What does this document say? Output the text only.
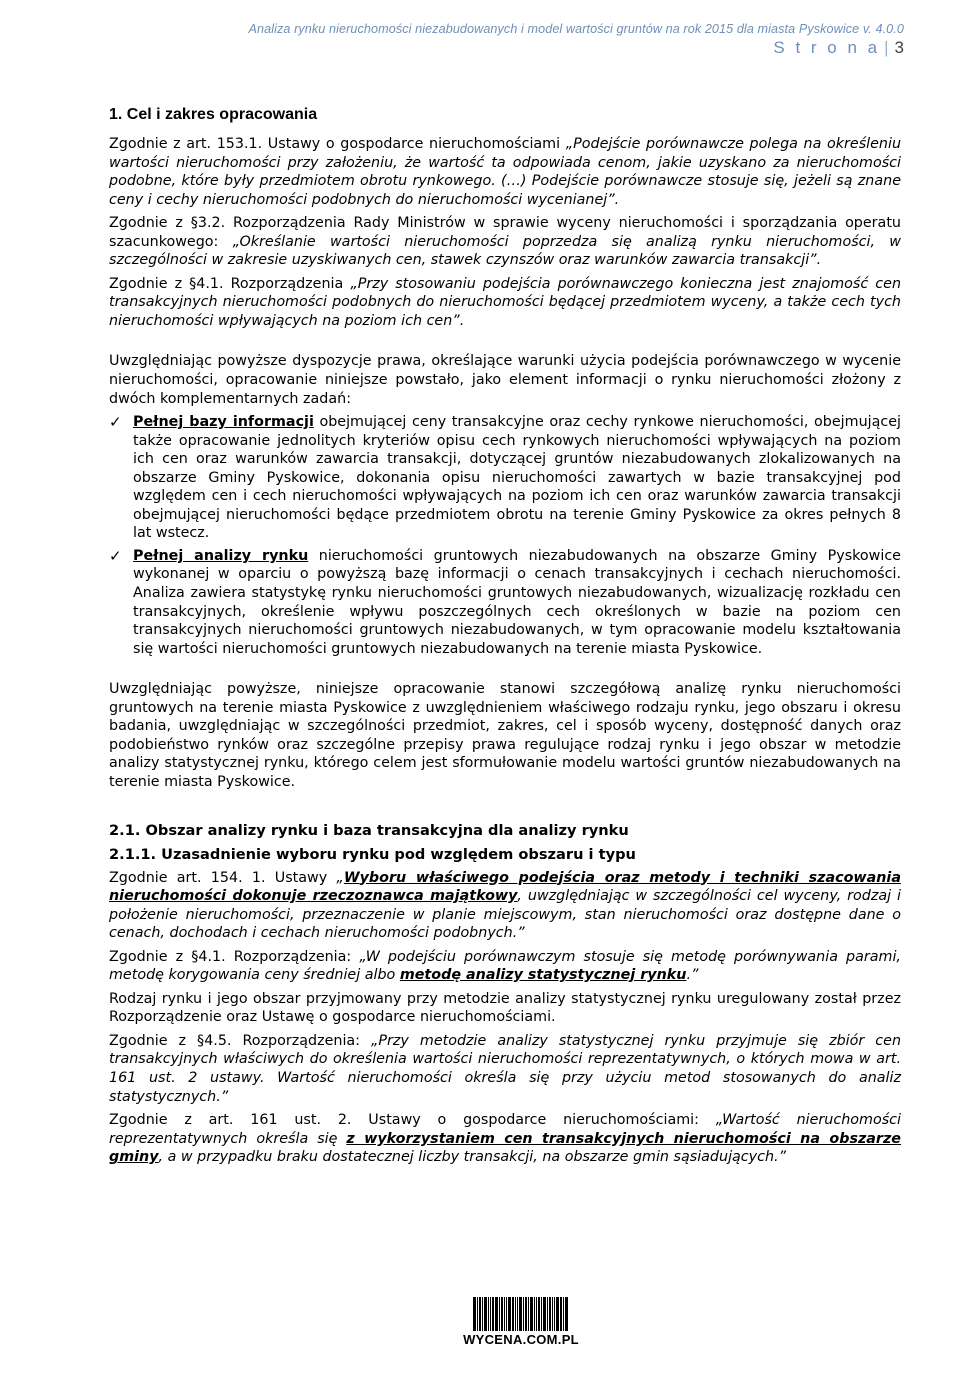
Analiza rynku nieruchomości niezabudowanych i model wartości gruntów na rok 2015 dla miasta Pyskowice v. 4.0.0
S t r o n a | 3
1. Cel i zakres opracowania

Zgodnie z art. 153.1. Ustawy o gospodarce nieruchomościami „Podejście porównawcze polega na określeniu wartości nieruchomości przy założeniu, że wartość ta odpowiada cenom, jakie uzyskano za nieruchomości podobne, które były przedmiotem obrotu rynkowego. (…) Podejście porównawcze stosuje się, jeżeli są znane ceny i cechy nieruchomości podobnych do nieruchomości wycenianej”.

Zgodnie z §3.2. Rozporządzenia Rady Ministrów w sprawie wyceny nieruchomości i sporządzania operatu szacunkowego: „Określanie wartości nieruchomości poprzedza się analizą rynku nieruchomości, w szczególności w zakresie uzyskiwanych cen, stawek czynszów oraz warunków zawarcia transakcji”.

Zgodnie z §4.1. Rozporządzenia „Przy stosowaniu podejścia porównawczego konieczna jest znajomość cen transakcyjnych nieruchomości podobnych do nieruchomości będącej przedmiotem wyceny, a także cech tych nieruchomości wpływających na poziom ich cen”.

Uwzględniając powyższe dyspozycje prawa, określające warunki użycia podejścia porównawczego w wycenie nieruchomości, opracowanie niniejsze powstało, jako element informacji o rynku nieruchomości złożony z dwóch komplementarnych zadań:

✓ Pełnej bazy informacji obejmującej ceny transakcyjne oraz cechy rynkowe nieruchomości, obejmującej także opracowanie jednolitych kryteriów opisu cech rynkowych nieruchomości wpływających na poziom ich cen oraz warunków zawarcia transakcji, dotyczącej gruntów niezabudowanych zlokalizowanych na obszarze Gminy Pyskowice, dokonania opisu nieruchomości zawartych w bazie transakcyjnej pod względem cen i cech nieruchomości wpływających na poziom ich cen oraz warunków zawarcia transakcji obejmującej nieruchomości będące przedmiotem obrotu na terenie Gminy Pyskowice za okres pełnych 8 lat wstecz.
✓ Pełnej analizy rynku nieruchomości gruntowych niezabudowanych na obszarze Gminy Pyskowice wykonanej w oparciu o powyższą bazę informacji o cenach transakcyjnych i cechach nieruchomości. Analiza zawiera statystykę rynku nieruchomości gruntowych niezabudowanych, wizualizację rozkładu cen transakcyjnych, określenie wpływu poszczególnych cech określonych w bazie na poziom cen transakcyjnych nieruchomości gruntowych niezabudowanych, w tym opracowanie modelu kształtowania się wartości nieruchomości gruntowych niezabudowanych na terenie miasta Pyskowice.

Uwzględniając powyższe, niniejsze opracowanie stanowi szczegółową analizę rynku nieruchomości gruntowych na terenie miasta Pyskowice z uwzględnieniem właściwego rodzaju rynku, jego obszaru i okresu badania, uwzględniając w szczególności przedmiot, zakres, cel i sposób wyceny, dostępność danych oraz podobieństwo rynków oraz szczególne przepisy prawa regulujące rodzaj rynku i jego obszar w metodzie analizy statystycznej rynku, którego celem jest sformułowanie modelu wartości gruntów niezabudowanych na terenie miasta Pyskowice.

2.1. Obszar analizy rynku i baza transakcyjna dla analizy rynku
2.1.1. Uzasadnienie wyboru rynku pod względem obszaru i typu

Zgodnie art. 154. 1. Ustawy „Wyboru właściwego podejścia oraz metody i techniki szacowania nieruchomości dokonuje rzeczoznawca majątkowy, uwzględniając w szczególności cel wyceny, rodzaj i położenie nieruchomości, przeznaczenie w planie miejscowym, stan nieruchomości oraz dostępne dane o cenach, dochodach i cechach nieruchomości podobnych.”

Zgodnie z §4.1. Rozporządzenia: „W podejściu porównawczym stosuje się metodę porównywania parami, metodę korygowania ceny średniej albo metodę analizy statystycznej rynku.”

Rodzaj rynku i jego obszar przyjmowany przy metodzie analizy statystycznej rynku uregulowany został przez Rozporządzenie oraz Ustawę o gospodarce nieruchomościami.

Zgodnie z §4.5. Rozporządzenia: „Przy metodzie analizy statystycznej rynku przyjmuje się zbiór cen transakcyjnych właściwych do określenia wartości nieruchomości reprezentatywnych, o których mowa w art. 161 ust. 2 ustawy. Wartość nieruchomości określa się przy użyciu metod stosowanych do analiz statystycznych.”

Zgodnie z art. 161 ust. 2. Ustawy o gospodarce nieruchomościami: „Wartość nieruchomości reprezentatywnych określa się z wykorzystaniem cen transakcyjnych nieruchomości na obszarze gminy, a w przypadku braku dostatecznej liczby transakcji, na obszarze gmin sąsiadujących.”

WYCENA.COM.PL
